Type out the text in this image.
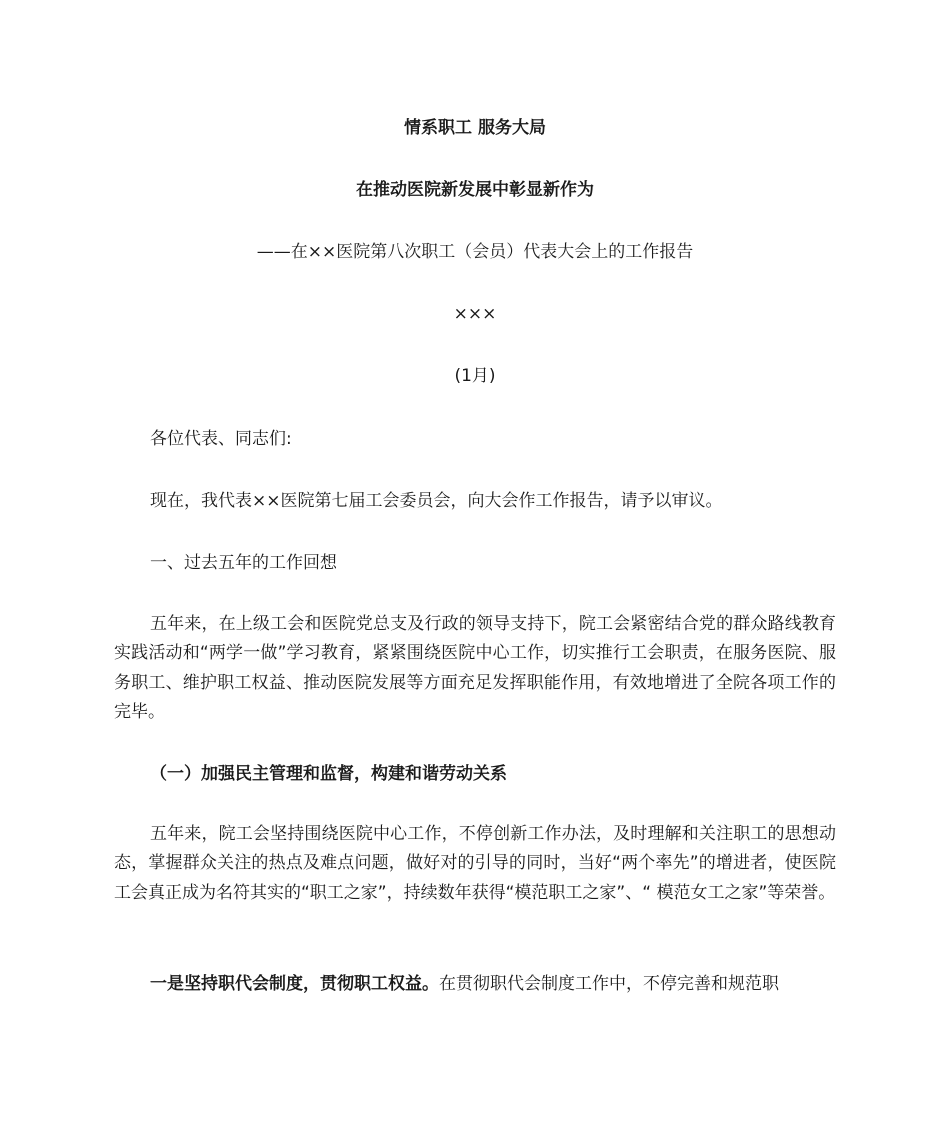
情系职工 服务大局
在推动医院新发展中彰显新作为
——在××医院第八次职工（会员）代表大会上的工作报告
×××
(1月)
各位代表、同志们:
现在，我代表××医院第七届工会委员会，向大会作工作报告，请予以审议。
一、过去五年的工作回想

五年来，在上级工会和医院党总支及行政的领导支持下，院工会紧密结合党的群众路线教育实践活动和“两学一做”学习教育，紧紧围绕医院中心工作，切实推行工会职责，在服务医院、服务职工、维护职工权益、推动医院发展等方面充足发挥职能作用，有效地增进了全院各项工作的完毕。

（一）加强民主管理和监督，构建和谐劳动关系

五年来，院工会坚持围绕医院中心工作，不停创新工作办法，及时理解和关注职工的思想动态，掌握群众关注的热点及难点问题，做好对的引导的同时，当好“两个率先”的增进者，使医院工会真正成为名符其实的“职工之家”，持续数年获得“模范职工之家”、“ 模范女工之家”等荣誉。

一是坚持职代会制度，贯彻职工权益。在贯彻职代会制度工作中，不停完善和规范职
